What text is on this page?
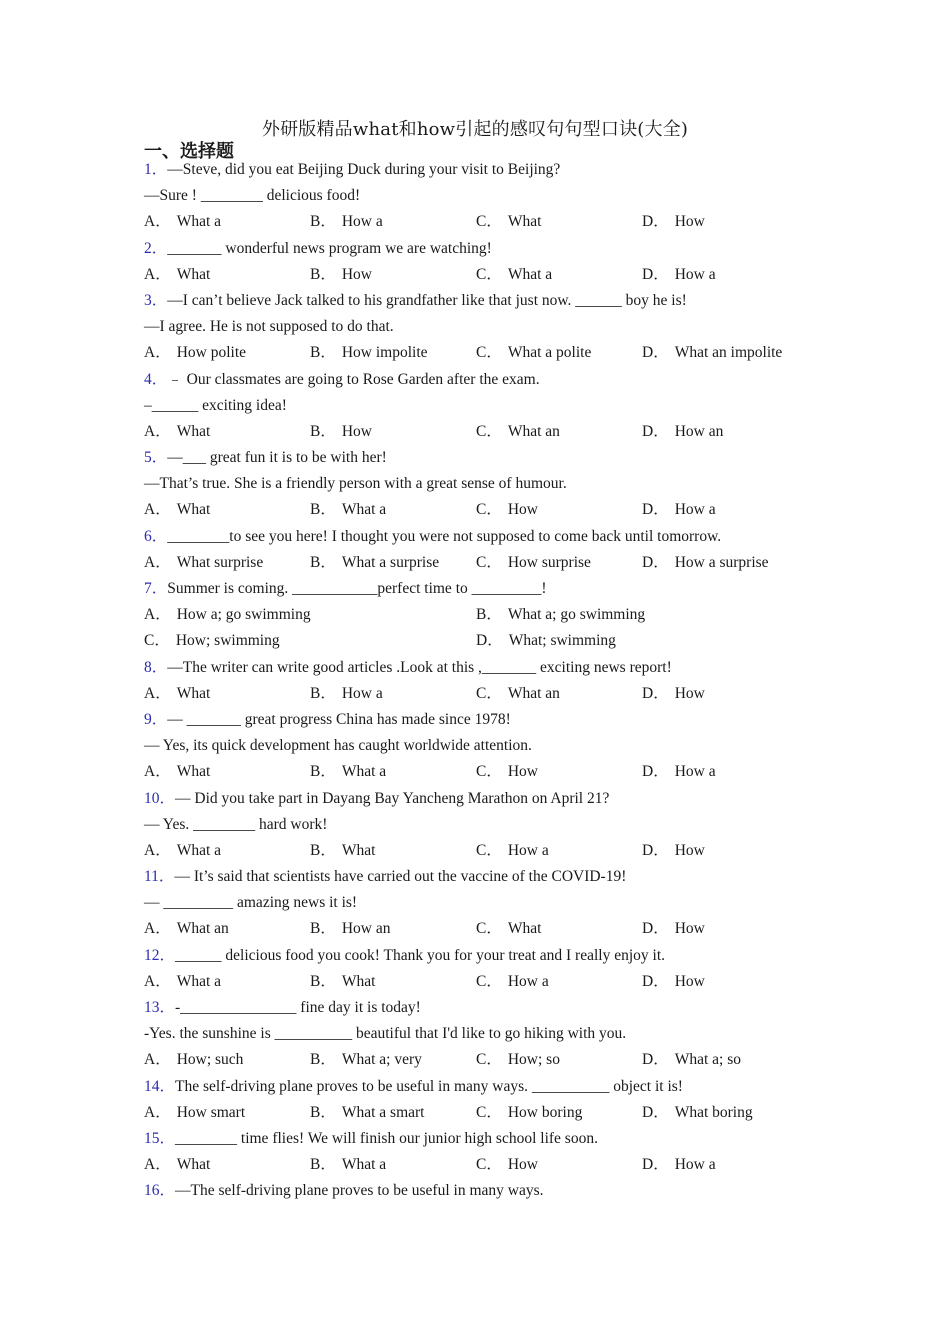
外研版精品what和how引起的感叹句句型口诀(大全)
一、选择题
1．—Steve, did you eat Beijing Duck during your visit to Beijing?
—Sure ! ________ delicious food!
A． What a	B． How a	C． What	D． How
2．_______ wonderful news program we are watching!
A． What	B． How	C． What a	D． How a
3．—I can’t believe Jack talked to his grandfather like that just now. ______ boy he is!
—I agree. He is not supposed to do that.
A． How polite	B． How impolite	C． What a polite	D． What an impolite
4．﹣ Our classmates are going to Rose Garden after the exam.
–______ exciting idea!
A． What	B． How	C． What an	D． How an
5．—___ great fun it is to be with her!
—That’s true. She is a friendly person with a great sense of humour.
A． What	B． What a	C． How	D． How a
6．________to see you here! I thought you were not supposed to come back until tomorrow.
A． What surprise	B． What a surprise	C． How surprise	D． How a surprise
7．Summer is coming. ___________perfect time to _________!
A． How a; go swimming	B． What a; go swimming
C． How; swimming	D． What; swimming
8．—The writer can write good articles .Look at this ,_______ exciting news report!
A． What	B． How a	C． What an	D． How
9．— _______ great progress China has made since 1978!
— Yes, its quick development has caught worldwide attention.
A． What	B． What a	C． How	D． How a
10．— Did you take part in Dayang Bay Yancheng Marathon on April 21?
— Yes. ________ hard work!
A． What a	B． What	C． How a	D． How
11．— It’s said that scientists have carried out the vaccine of the COVID-19!
— _________ amazing news it is!
A． What an	B． How an	C． What	D． How
12．______ delicious food you cook! Thank you for your treat and I really enjoy it.
A． What a	B． What	C． How a	D． How
13．-_______________ fine day it is today!
-Yes. the sunshine is __________ beautiful that I'd like to go hiking with you.
A． How; such	B． What a; very	C． How; so	D． What a; so
14．The self-driving plane proves to be useful in many ways. __________ object it is!
A． How smart	B． What a smart	C． How boring	D． What boring
15．________ time flies! We will finish our junior high school life soon.
A． What	B． What a	C． How	D． How a
16．—The self-driving plane proves to be useful in many ways.
